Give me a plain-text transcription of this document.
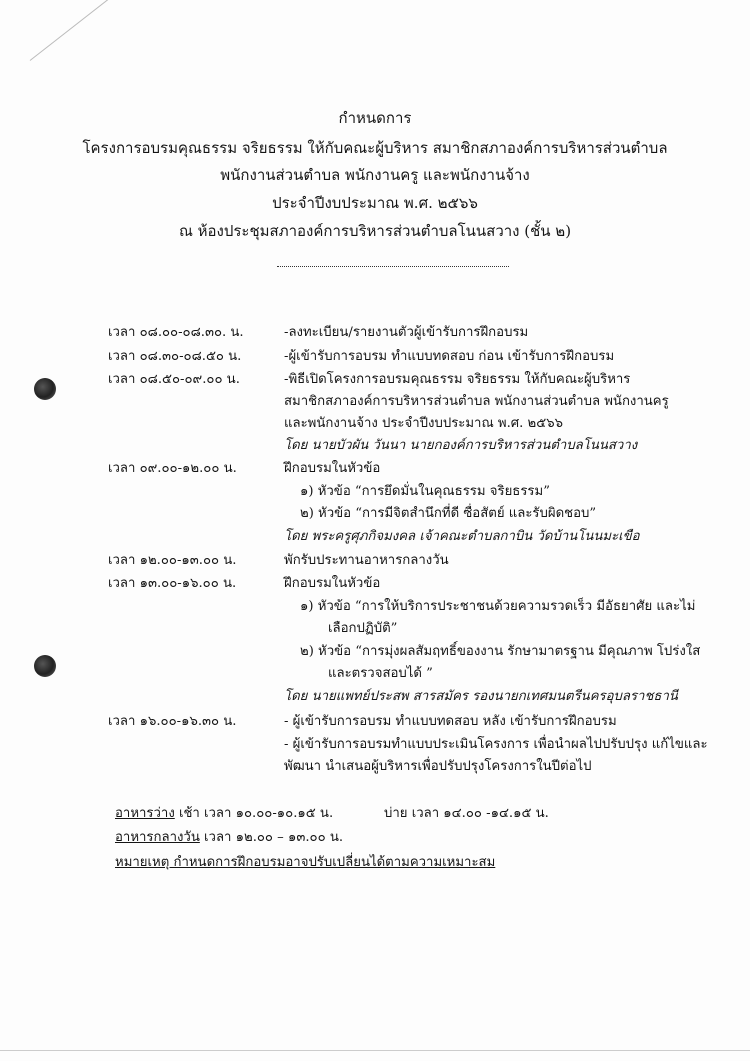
กำหนดการ
โครงการอบรมคุณธรรม จริยธรรม ให้กับคณะผู้บริหาร สมาชิกสภาองค์การบริหารส่วนตำบล
พนักงานส่วนตำบล พนักงานครู และพนักงานจ้าง
ประจำปีงบประมาณ พ.ศ. ๒๕๖๖
ณ ห้องประชุมสภาองค์การบริหารส่วนตำบลโนนสวาง (ชั้น ๒)
เวลา ๐๘.๐๐-๐๘.๓๐. น.	-ลงทะเบียน/รายงานตัวผู้เข้ารับการฝึกอบรม
เวลา ๐๘.๓๐-๐๘.๕๐ น.	-ผู้เข้ารับการอบรม ทำแบบทดสอบ ก่อน เข้ารับการฝึกอบรม
เวลา ๐๘.๕๐-๐๙.๐๐ น.	-พิธีเปิดโครงการอบรมคุณธรรม จริยธรรม ให้กับคณะผู้บริหาร
สมาชิกสภาองค์การบริหารส่วนตำบล พนักงานส่วนตำบล พนักงานครู
และพนักงานจ้าง ประจำปีงบประมาณ พ.ศ. ๒๕๖๖
โดย นายบัวผัน วันนา นายกองค์การบริหารส่วนตำบลโนนสวาง
เวลา ๐๙.๐๐-๑๒.๐๐ น.	ฝึกอบรมในหัวข้อ
๑) หัวข้อ “การยึดมั่นในคุณธรรม จริยธรรม”
๒) หัวข้อ “การมีจิตสำนึกที่ดี ซื่อสัตย์ และรับผิดชอบ”
โดย พระครูศุภกิจมงคล เจ้าคณะตำบลกาบิน วัดบ้านโนนมะเขือ
เวลา ๑๒.๐๐-๑๓.๐๐ น.	พักรับประทานอาหารกลางวัน
เวลา ๑๓.๐๐-๑๖.๐๐ น.	ฝึกอบรมในหัวข้อ
๑) หัวข้อ “การให้บริการประชาชนด้วยความรวดเร็ว มีอัธยาศัย และไม่
เลือกปฏิบัติ”
๒) หัวข้อ “การมุ่งผลสัมฤทธิ์ของงาน รักษามาตรฐาน มีคุณภาพ โปร่งใส
และตรวจสอบได้ ”
โดย นายแพทย์ประสพ สารสมัคร รองนายกเทศมนตรีนครอุบลราชธานี
เวลา ๑๖.๐๐-๑๖.๓๐ น.	- ผู้เข้ารับการอบรม ทำแบบทดสอบ หลัง เข้ารับการฝึกอบรม
- ผู้เข้ารับการอบรมทำแบบประเมินโครงการ เพื่อนำผลไปปรับปรุง แก้ไขและ
พัฒนา นำเสนอผู้บริหารเพื่อปรับปรุงโครงการในปีต่อไป
อาหารว่าง เช้า เวลา ๑๐.๐๐-๑๐.๑๕ น.	บ่าย เวลา ๑๔.๐๐ -๑๔.๑๕ น.
อาหารกลางวัน เวลา ๑๒.๐๐ – ๑๓.๐๐ น.
หมายเหตุ กำหนดการฝึกอบรมอาจปรับเปลี่ยนได้ตามความเหมาะสม
